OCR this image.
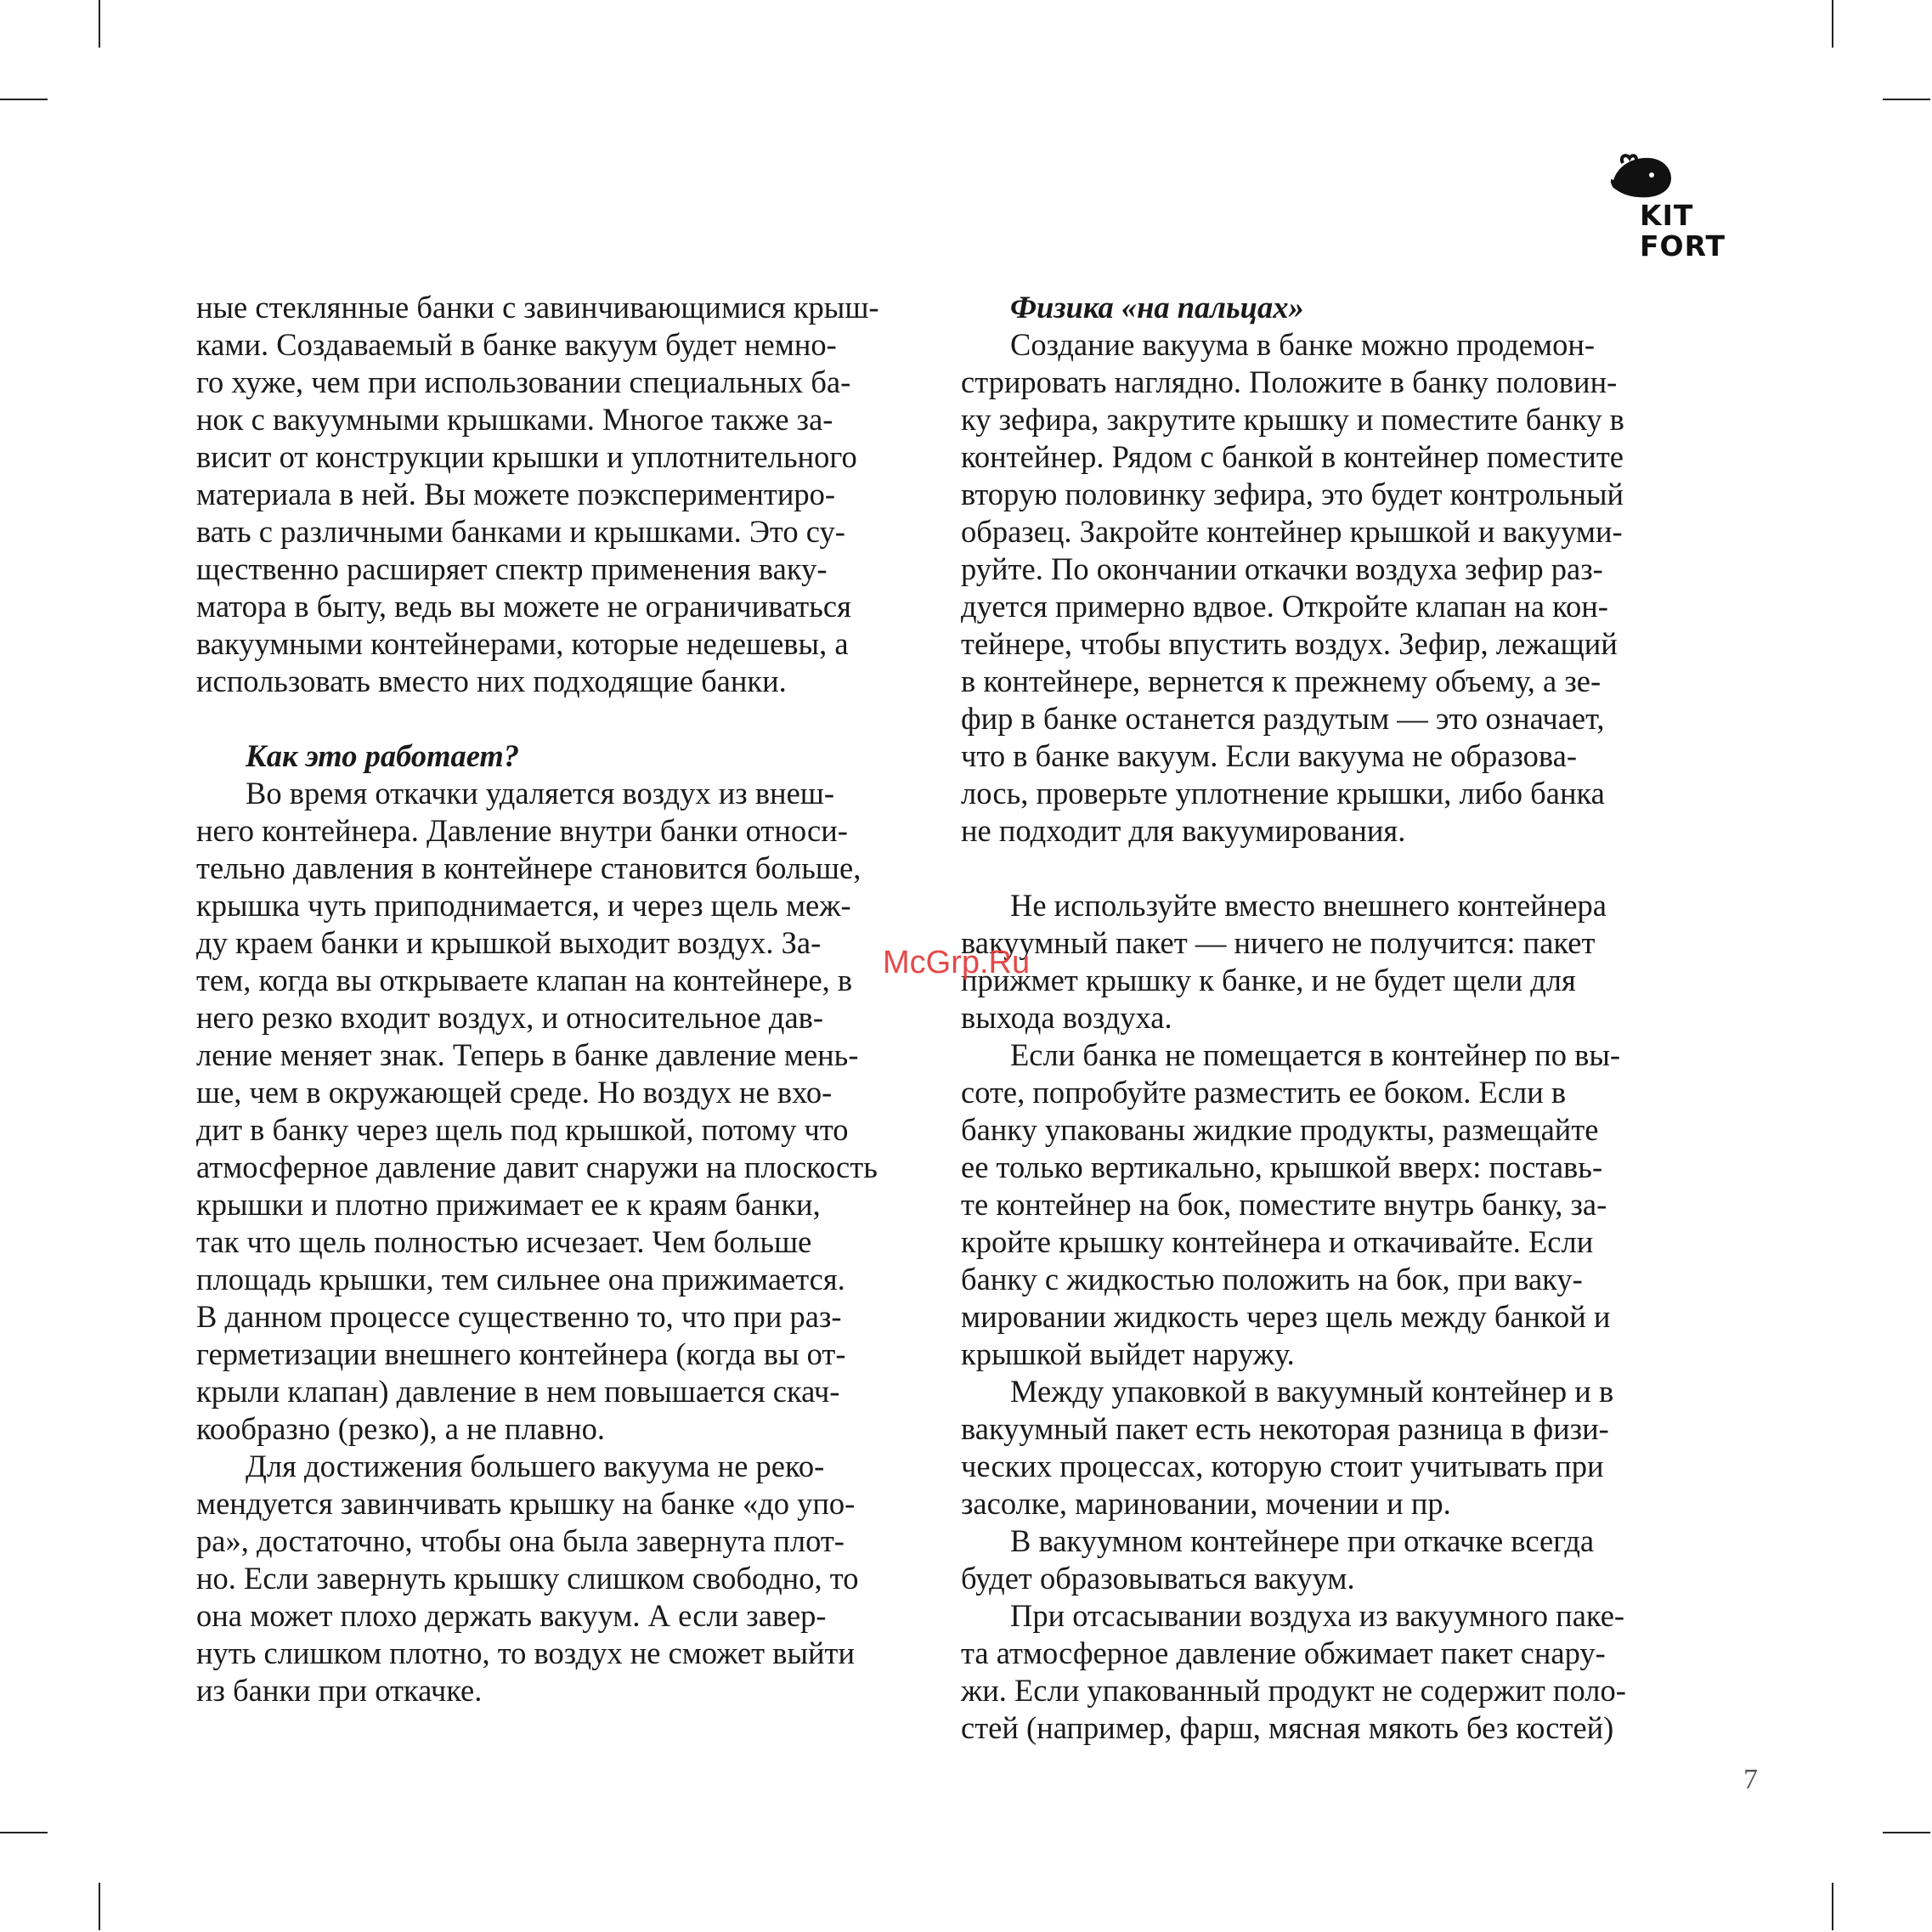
KIT
FORT

ные стеклянные банки с завинчивающимися крыш-
ками. Создаваемый в банке вакуум будет немно-
го хуже, чем при использовании специальных ба-
нок с вакуумными крышками. Многое также за-
висит от конструкции крышки и уплотнительного
материала в ней. Вы можете поэкспериментиро-
вать с различными банками и крышками. Это су-
щественно расширяет спектр применения ваку-
матора в быту, ведь вы можете не ограничиваться
вакуумными контейнерами, которые недешевы, а
использовать вместо них подходящие банки.

Как это работает?

Во время откачки удаляется воздух из внеш-
него контейнера. Давление внутри банки относи-
тельно давления в контейнере становится больше,
крышка чуть приподнимается, и через щель меж-
ду краем банки и крышкой выходит воздух. За-
тем, когда вы открываете клапан на контейнере, в
него резко входит воздух, и относительное дав-
ление меняет знак. Теперь в банке давление мень-
ше, чем в окружающей среде. Но воздух не вхо-
дит в банку через щель под крышкой, потому что
атмосферное давление давит снаружи на плоскость
крышки и плотно прижимает ее к краям банки,
так что щель полностью исчезает. Чем больше
площадь крышки, тем сильнее она прижимается.
В данном процессе существенно то, что при раз-
герметизации внешнего контейнера (когда вы от-
крыли клапан) давление в нем повышается скач-
кообразно (резко), а не плавно.

Для достижения большего вакуума не реко-
мендуется завинчивать крышку на банке «до упо-
ра», достаточно, чтобы она была завернута плот-
но. Если завернуть крышку слишком свободно, то
она может плохо держать вакуум. А если завер-
нуть слишком плотно, то воздух не сможет выйти
из банки при откачке.

Физика «на пальцах»

Создание вакуума в банке можно продемон-
стрировать наглядно. Положите в банку половин-
ку зефира, закрутите крышку и поместите банку в
контейнер. Рядом с банкой в контейнер поместите
вторую половинку зефира, это будет контрольный
образец. Закройте контейнер крышкой и вакууми-
руйте. По окончании откачки воздуха зефир раз-
дуется примерно вдвое. Откройте клапан на кон-
тейнере, чтобы впустить воздух. Зефир, лежащий
в контейнере, вернется к прежнему объему, а зе-
фир в банке останется раздутым — это означает,
что в банке вакуум. Если вакуума не образова-
лось, проверьте уплотнение крышки, либо банка
не подходит для вакуумирования.

Не используйте вместо внешнего контейнера
вакуумный пакет — ничего не получится: пакет
прижмет крышку к банке, и не будет щели для
выхода воздуха.

Если банка не помещается в контейнер по вы-
соте, попробуйте разместить ее боком. Если в
банку упакованы жидкие продукты, размещайте
ее только вертикально, крышкой вверх: поставь-
те контейнер на бок, поместите внутрь банку, за-
кройте крышку контейнера и откачивайте. Если
банку с жидкостью положить на бок, при ваку-
мировании жидкость через щель между банкой и
крышкой выйдет наружу.

Между упаковкой в вакуумный контейнер и в
вакуумный пакет есть некоторая разница в физи-
ческих процессах, которую стоит учитывать при
засолке, мариновании, мочении и пр.

В вакуумном контейнере при откачке всегда
будет образовываться вакуум.

При отсасывании воздуха из вакуумного паке-
та атмосферное давление обжимает пакет снару-
жи. Если упакованный продукт не содержит поло-
стей (например, фарш, мясная мякоть без костей)

McGrp.Ru
7
